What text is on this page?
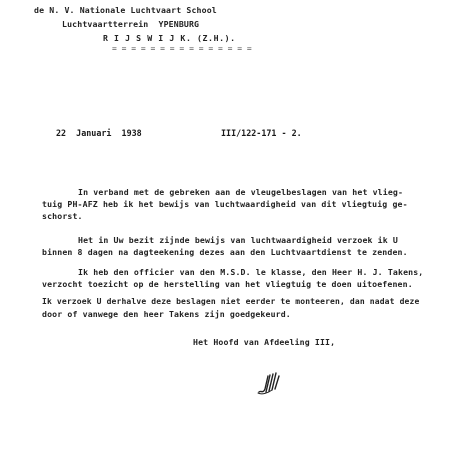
de N. V. Nationale Luchtvaart School
Luchtvaartterrein  YPENBURG
R I J S W I J K. (Z.H.).
= = = = = = = = = = = = = = =
22  Januari  1938	III/122-171 - 2.
In verband met de gebreken aan de vleugelbeslagen van het vlieg-
tuig PH-AFZ heb ik het bewijs van luchtwaardigheid van dit vliegtuig ge-
schorst.
Het in Uw bezit zijnde bewijs van luchtwaardigheid verzoek ik U
binnen 8 dagen na dagteekening dezes aan den Luchtvaartdienst te zenden.
Ik heb den officier van den M.S.D. le klasse, den Heer H. J. Takens,
verzocht toezicht op de herstelling van het vliegtuig te doen uitoefenen.
Ik verzoek U derhalve deze beslagen niet eerder te monteeren, dan nadat deze
door of vanwege den heer Takens zijn goedgekeurd.
Het Hoofd van Afdeeling III,
